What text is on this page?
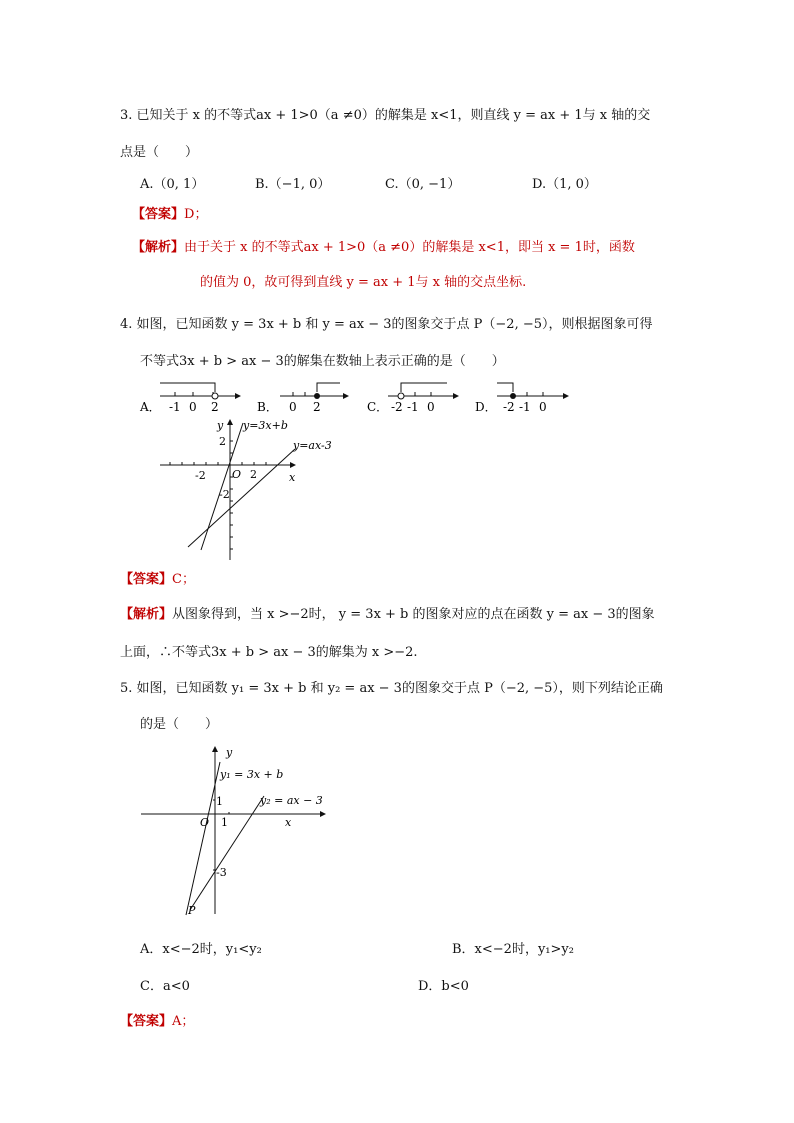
3. 已知关于 x 的不等式ax + 1>0（a ≠0）的解集是 x<1，则直线 y = ax + 1与 x 轴的交
点是（　　）
A.（0, 1）	B.（−1, 0）	C.（0, −1）	D.（1, 0）
【答案】D；
【解析】由于关于 x 的不等式ax + 1>0（a ≠0）的解集是 x<1，即当 x = 1时，函数
的值为 0，故可得到直线 y = ax + 1与 x 轴的交点坐标.
4. 如图，已知函数 y = 3x + b 和 y = ax − 3的图象交于点 P（−2, −5），则根据图象可得
不等式3x + b > ax − 3的解集在数轴上表示正确的是（　　）
A． -1 0 2	B． 0 2	C． -2 -1 0	D． -2 -1 0
y y=3x+b
y=ax-3
2
-2 O 2
-2
x
【答案】C；
【解析】从图象得到，当 x >−2时， y = 3x + b 的图象对应的点在函数 y = ax − 3的图象
上面，∴不等式3x + b > ax − 3的解集为 x >−2.
5. 如图，已知函数 y₁ = 3x + b 和 y₂ = ax − 3的图象交于点 P（−2, −5），则下列结论正确
的是（　　）
y
y₁ = 3x + b
y₂ = ax − 3
1
O 1	x
-3
P
A．x<−2时，y₁<y₂	B．x<−2时，y₁>y₂
C．a<0	D．b<0
【答案】A；
